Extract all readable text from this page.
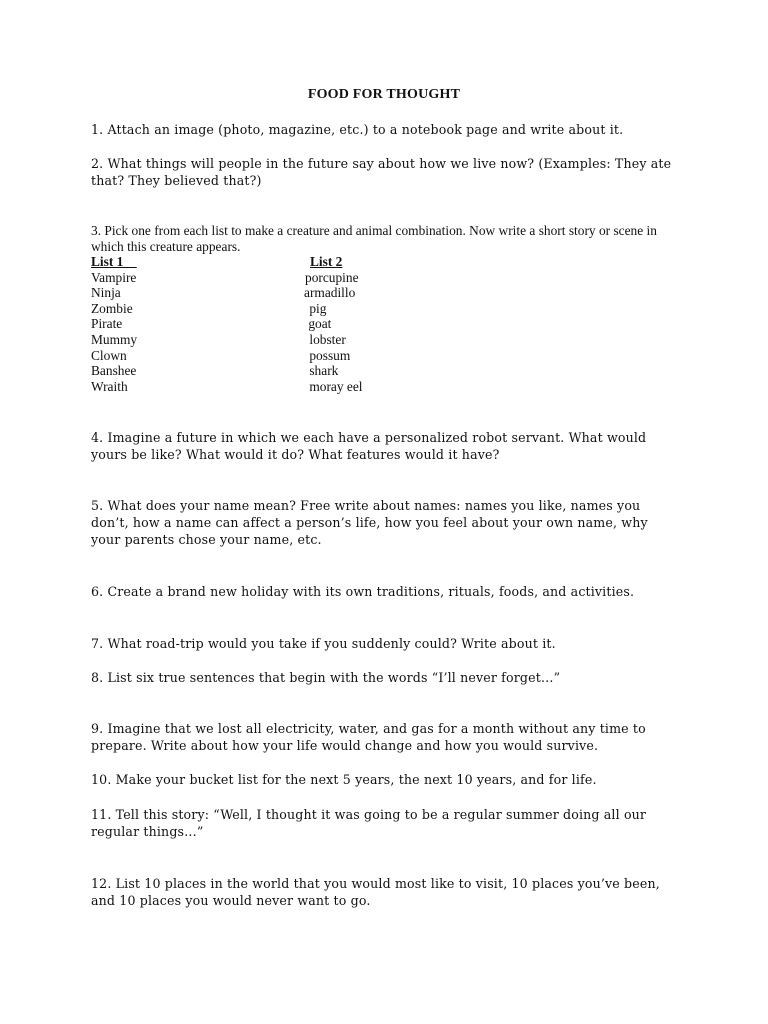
FOOD FOR THOUGHT
1. Attach an image (photo, magazine, etc.) to a notebook page and write about it.
2. What things will people in the future say about how we live now? (Examples: They ate that? They believed that?)
3. Pick one from each list to make a creature and animal combination. Now write a short story or scene in which this creature appears.
List 1
Vampire
Ninja
Zombie
Pirate
Mummy
Clown
Banshee
Wraith
List 2
porcupine
armadillo
pig
goat
lobster
possum
shark
moray eel
4. Imagine a future in which we each have a personalized robot servant. What would yours be like? What would it do? What features would it have?
5. What does your name mean? Free write about names: names you like, names you don’t, how a name can affect a person’s life, how you feel about your own name, why your parents chose your name, etc.
6. Create a brand new holiday with its own traditions, rituals, foods, and activities.
7. What road-trip would you take if you suddenly could? Write about it.
8. List six true sentences that begin with the words “I’ll never forget…”
9. Imagine that we lost all electricity, water, and gas for a month without any time to prepare. Write about how your life would change and how you would survive.
10. Make your bucket list for the next 5 years, the next 10 years, and for life.
11. Tell this story: “Well, I thought it was going to be a regular summer doing all our regular things…”
12. List 10 places in the world that you would most like to visit, 10 places you’ve been, and 10 places you would never want to go.
